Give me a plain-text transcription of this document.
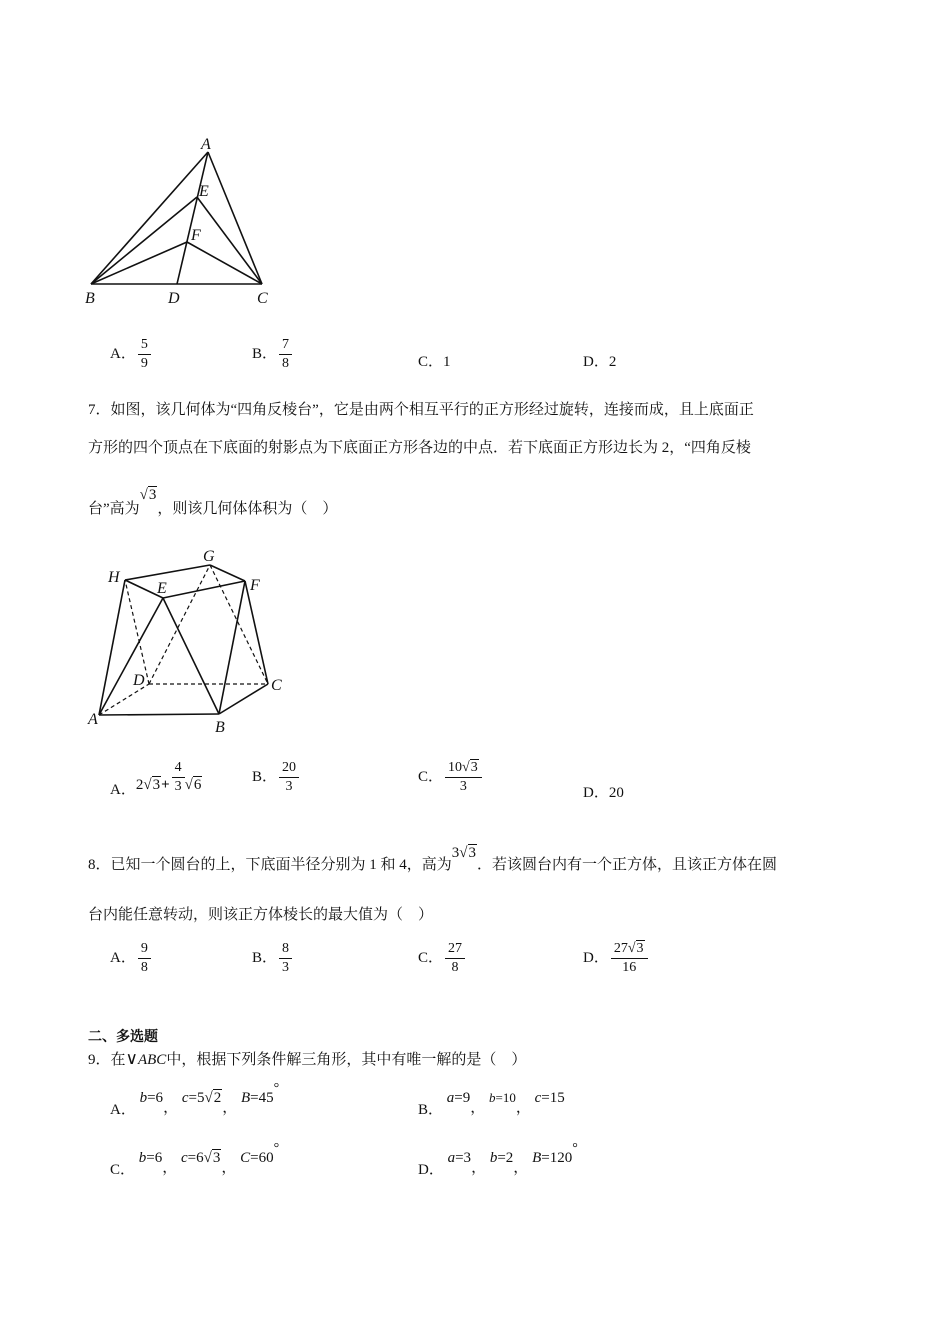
A
E
F
B	D	C
A． $\frac{5}{9}$	B． $\frac{7}{8}$	C．1	D．2
7．如图，该几何体为“四角反棱台”，它是由两个相互平行的正方形经过旋转，连接而成，且上底面正
方形的四个顶点在下底面的射影点为下底面正方形各边的中点．若下底面正方形边长为 2，“四角反棱
台”高为√3，则该几何体体积为（　）
H
G
E	F
D	C
A	B
A．$2√3+ \frac{4}{3} √6$	B． $\frac{20}{3}$	C． $\frac{10√3}{3}$	D．20
8．已知一个圆台的上，下底面半径分别为 1 和 4，高为3√3．若该圆台内有一个正方体，且该正方体在圆
台内能任意转动，则该正方体棱长的最大值为（　）
A． $\frac{9}{8}$	B． $\frac{8}{3}$	C． $\frac{27}{8}$	D． $\frac{27√3}{16}$
二、多选题
9．在∨ABC中，根据下列条件解三角形，其中有唯一解的是（　）
A． b=6， c=5√2， B=45°
B． a=9， b=10， c=15
C． b=6， c=6√3， C=60°
D． a=3， b=2， B=120°
